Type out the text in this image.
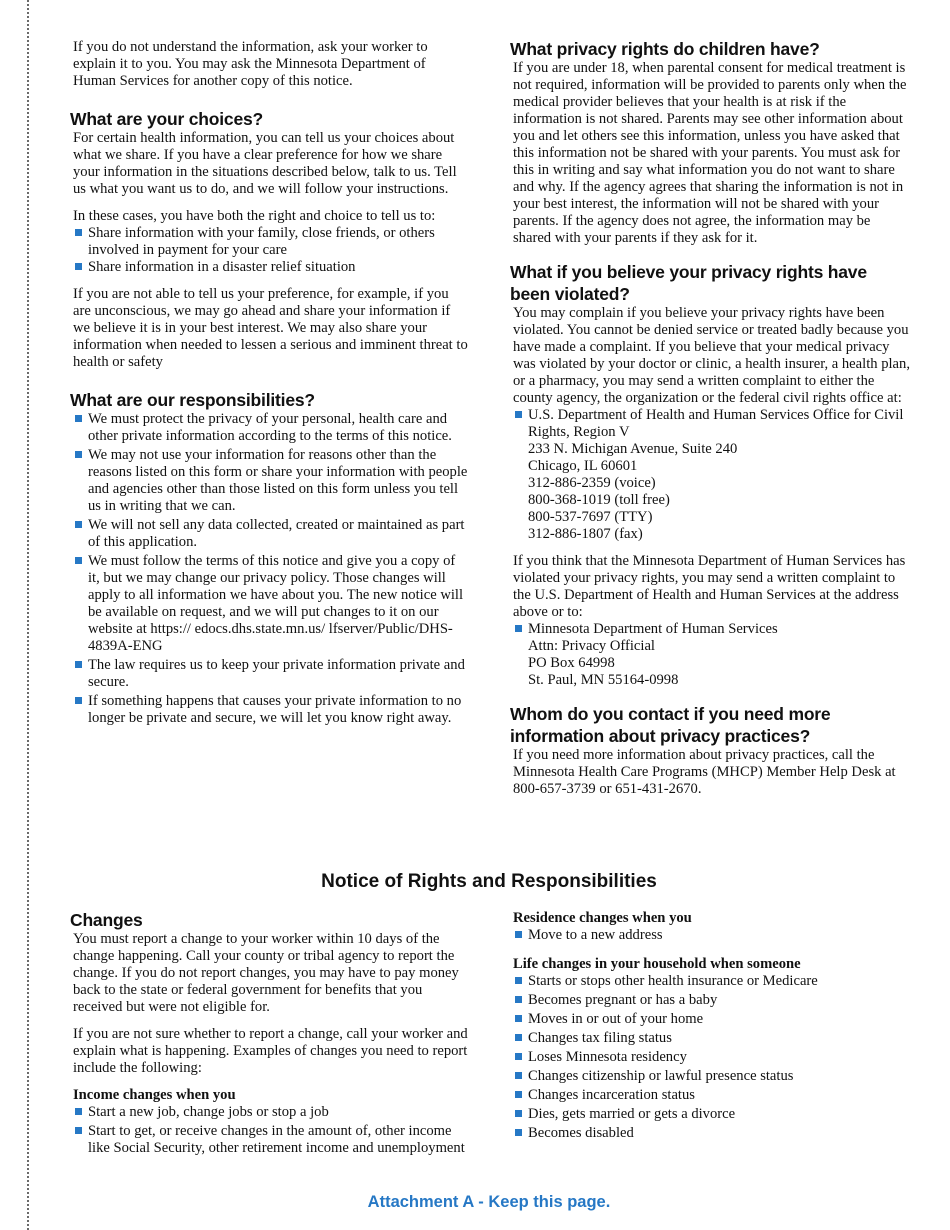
If you do not understand the information, ask your worker to explain it to you. You may ask the Minnesota Department of Human Services for another copy of this notice.

What are your choices?

For certain health information, you can tell us your choices about what we share. If you have a clear preference for how we share your information in the situations described below, talk to us. Tell us what you want us to do, and we will follow your instructions.

In these cases, you have both the right and choice to tell us to:

Share information with your family, close friends, or others involved in payment for your care
Share information in a disaster relief situation

If you are not able to tell us your preference, for example, if you are unconscious, we may go ahead and share your information if we believe it is in your best interest. We may also share your information when needed to lessen a serious and imminent threat to health or safety

What are our responsibilities?
We must protect the privacy of your personal, health care and other private information according to the terms of this notice.
We may not use your information for reasons other than the reasons listed on this form or share your information with people and agencies other than those listed on this form unless you tell us in writing that we can.
We will not sell any data collected, created or maintained as part of this application.
We must follow the terms of this notice and give you a copy of it, but we may change our privacy policy. Those changes will apply to all information we have about you. The new notice will be available on request, and we will put changes to it on our website at https:// edocs.dhs.state.mn.us/ lfserver/Public/DHS-4839A-ENG
The law requires us to keep your private information private and secure.
If something happens that causes your private information to no longer be private and secure, we will let you know right away.
What privacy rights do children have?

If you are under 18, when parental consent for medical treatment is not required, information will be provided to parents only when the medical provider believes that your health is at risk if the information is not shared. Parents may see other information about you and let others see this information, unless you have asked that this information not be shared with your parents. You must ask for this in writing and say what information you do not want to share and why. If the agency agrees that sharing the information is not in your best interest, the information will not be shared with your parents. If the agency does not agree, the information may be shared with your parents if they ask for it.

What if you believe your privacy rights have been violated?

You may complain if you believe your privacy rights have been violated. You cannot be denied service or treated badly because you have made a complaint. If you believe that your medical privacy was violated by your doctor or clinic, a health insurer, a health plan, or a pharmacy, you may send a written complaint to either the county agency, the organization or the federal civil rights office at:

U.S. Department of Health and Human Services Office for Civil Rights, Region V
233 N. Michigan Avenue, Suite 240
Chicago, IL 60601
312-886-2359 (voice)
800-368-1019 (toll free)
800-537-7697 (TTY)
312-886-1807 (fax)

If you think that the Minnesota Department of Human Services has violated your privacy rights, you may send a written complaint to the U.S. Department of Health and Human Services at the address above or to:

Minnesota Department of Human Services
Attn: Privacy Official
PO Box 64998
St. Paul, MN 55164-0998
Whom do you contact if you need more information about privacy practices?

If you need more information about privacy practices, call the Minnesota Health Care Programs (MHCP) Member Help Desk at 800-657-3739 or 651-431-2670.

Notice of Rights and Responsibilities
Changes

You must report a change to your worker within 10 days of the change happening. Call your county or tribal agency to report the change. If you do not report changes, you may have to pay money back to the state or federal government for benefits that you received but were not eligible for.

If you are not sure whether to report a change, call your worker and explain what is happening. Examples of changes you need to report include the following:

Income changes when you
Start a new job, change jobs or stop a job
Start to get, or receive changes in the amount of, other income like Social Security, other retirement income and unemployment
Residence changes when you
Move to a new address
Life changes in your household when someone
Starts or stops other health insurance or Medicare
Becomes pregnant or has a baby
Moves in or out of your home
Changes tax filing status
Loses Minnesota residency
Changes citizenship or lawful presence status
Changes incarceration status
Dies, gets married or gets a divorce
Becomes disabled
Attachment A - Keep this page.
